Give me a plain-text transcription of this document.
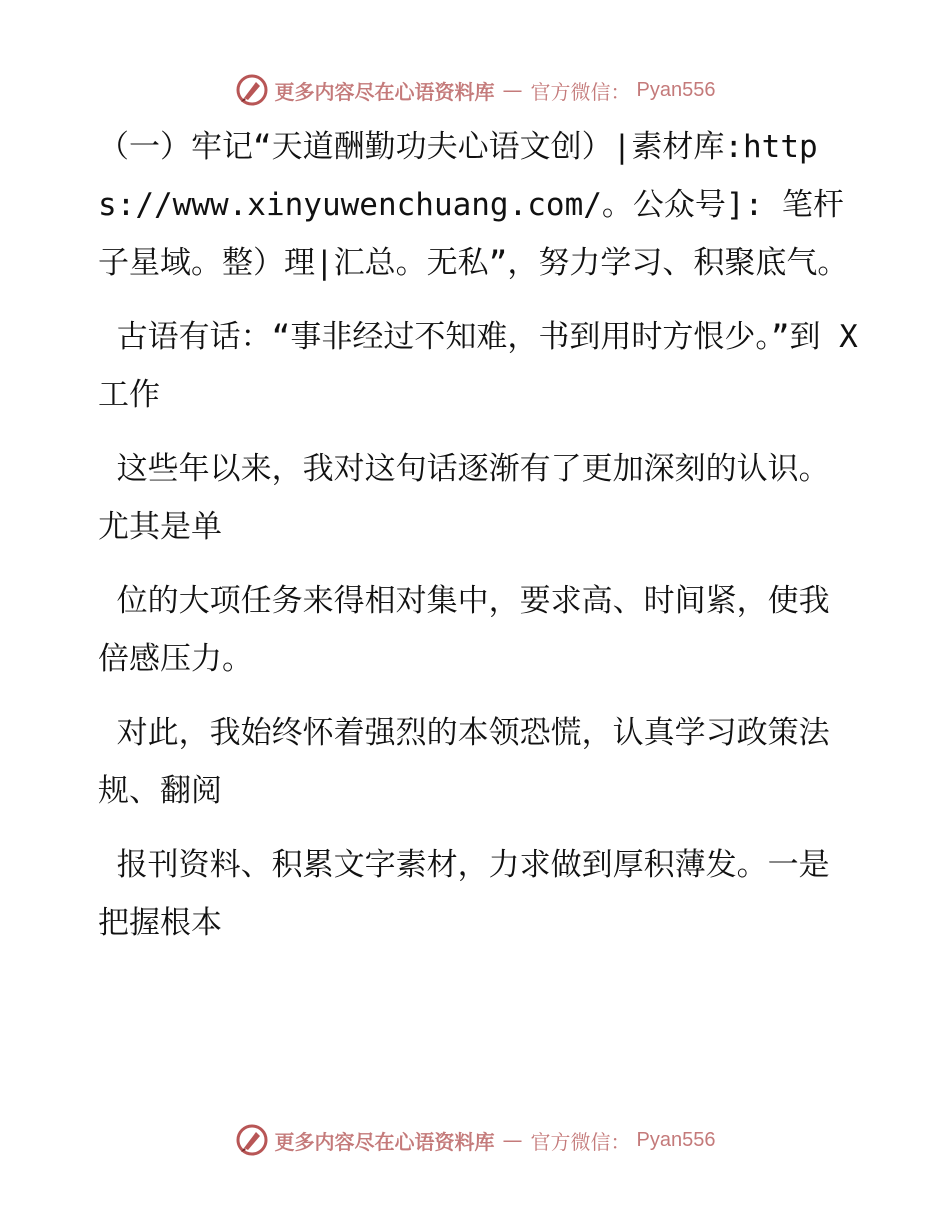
更多内容尽在心语资料库 — 官方微信： Pyan556

（一）牢记“天道酬勤功夫心语文创）|素材库:https://www.xinyuwenchuang.com/。公众号]: 笔杆子星域。整）理|汇总。无私”，努力学习、积聚底气。

古语有话：“事非经过不知难，书到用时方恨少。”到 X 工作

这些年以来，我对这句话逐渐有了更加深刻的认识。尤其是单

位的大项任务来得相对集中，要求高、时间紧，使我倍感压力。

对此，我始终怀着强烈的本领恐慌，认真学习政策法规、翻阅

报刊资料、积累文字素材，力求做到厚积薄发。一是把握根本

更多内容尽在心语资料库 — 官方微信： Pyan556
